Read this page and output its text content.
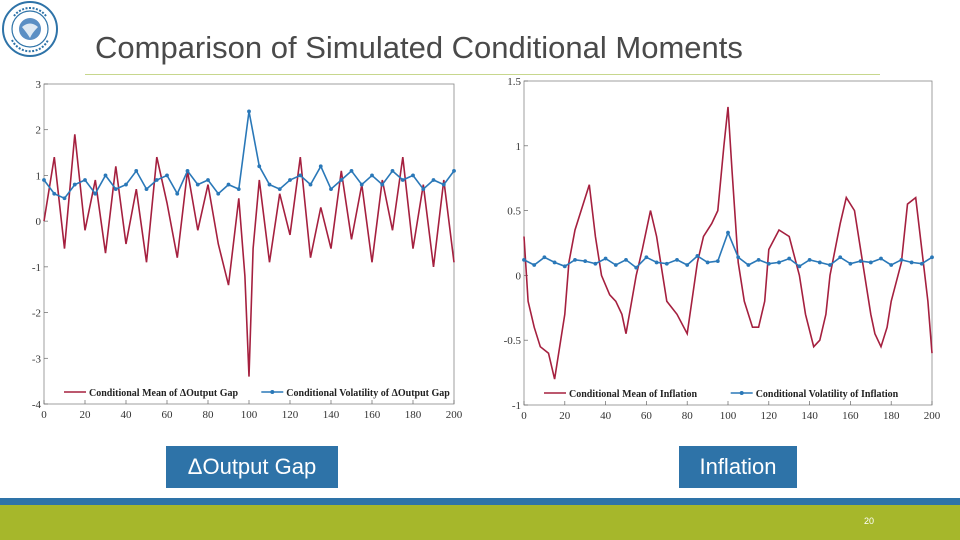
Comparison of Simulated Conditional Moments
0	20	40	60	80 100 120 140 160 180 200
-4
-3
-2
-1
0
1
2
3
Conditional Mean of ΔOutput Gap	Conditional Volatility of ΔOutput Gap
0	20	40	60	80 100 120 140 160 180 200
-1
-0.5
0
0.5
1
1.5
Conditional Mean of Inflation	Conditional Volatility of Inflation
ΔOutput Gap	Inflation
20
